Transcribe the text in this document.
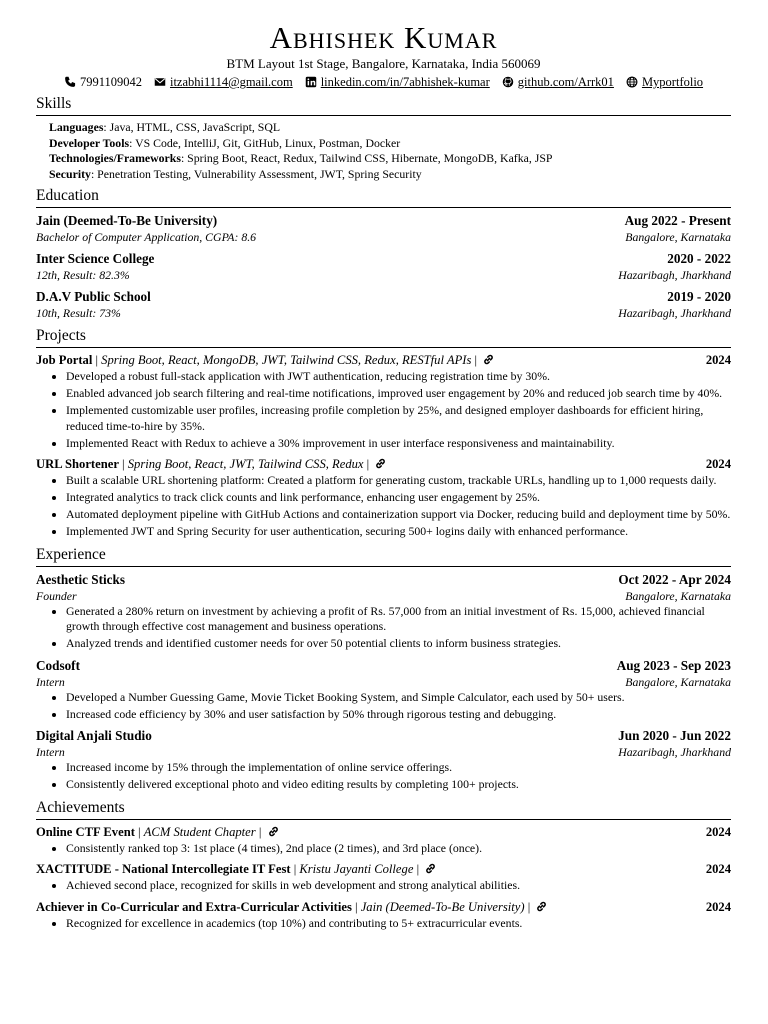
Abhishek Kumar
BTM Layout 1st Stage, Bangalore, Karnataka, India 560069
7991109042 itzabhi1114@gmail.com linkedin.com/in/7abhishek-kumar github.com/Arrk01 Myportfolio
Skills
Languages: Java, HTML, CSS, JavaScript, SQL
Developer Tools: VS Code, IntelliJ, Git, GitHub, Linux, Postman, Docker
Technologies/Frameworks: Spring Boot, React, Redux, Tailwind CSS, Hibernate, MongoDB, Kafka, JSP
Security: Penetration Testing, Vulnerability Assessment, JWT, Spring Security
Education
Jain (Deemed-To-Be University)	Aug 2022 - Present
Bachelor of Computer Application, CGPA: 8.6	Bangalore, Karnataka
Inter Science College	2020 - 2022
12th, Result: 82.3%	Hazaribagh, Jharkhand
D.A.V Public School	2019 - 2020
10th, Result: 73%	Hazaribagh, Jharkhand
Projects
Job Portal | Spring Boot, React, MongoDB, JWT, Tailwind CSS, Redux, RESTful APIs |	2024
• Developed a robust full-stack application with JWT authentication, reducing registration time by 30%.
• Enabled advanced job search filtering and real-time notifications, improved user engagement by 20% and reduced job search time by 40%.
• Implemented customizable user profiles, increasing profile completion by 25%, and designed employer dashboards for efficient hiring, reduced time-to-hire by 35%.
• Implemented React with Redux to achieve a 30% improvement in user interface responsiveness and maintainability.
URL Shortener | Spring Boot, React, JWT, Tailwind CSS, Redux |	2024
• Built a scalable URL shortening platform: Created a platform for generating custom, trackable URLs, handling up to 1,000 requests daily.
• Integrated analytics to track click counts and link performance, enhancing user engagement by 25%.
• Automated deployment pipeline with GitHub Actions and containerization support via Docker, reducing build and deployment time by 50%.
• Implemented JWT and Spring Security for user authentication, securing 500+ logins daily with enhanced performance.
Experience
Aesthetic Sticks	Oct 2022 - Apr 2024
Founder	Bangalore, Karnataka
• Generated a 280% return on investment by achieving a profit of Rs. 57,000 from an initial investment of Rs. 15,000, achieved financial growth through effective cost management and business operations.
• Analyzed trends and identified customer needs for over 50 potential clients to inform business strategies.
Codsoft	Aug 2023 - Sep 2023
Intern	Bangalore, Karnataka
• Developed a Number Guessing Game, Movie Ticket Booking System, and Simple Calculator, each used by 50+ users.
• Increased code efficiency by 30% and user satisfaction by 50% through rigorous testing and debugging.
Digital Anjali Studio	Jun 2020 - Jun 2022
Intern	Hazaribagh, Jharkhand
• Increased income by 15% through the implementation of online service offerings.
• Consistently delivered exceptional photo and video editing results by completing 100+ projects.
Achievements
Online CTF Event | ACM Student Chapter |	2024
• Consistently ranked top 3: 1st place (4 times), 2nd place (2 times), and 3rd place (once).
XACTITUDE - National Intercollegiate IT Fest | Kristu Jayanti College |	2024
• Achieved second place, recognized for skills in web development and strong analytical abilities.
Achiever in Co-Curricular and Extra-Curricular Activities | Jain (Deemed-To-Be University) |	2024
• Recognized for excellence in academics (top 10%) and contributing to 5+ extracurricular events.
